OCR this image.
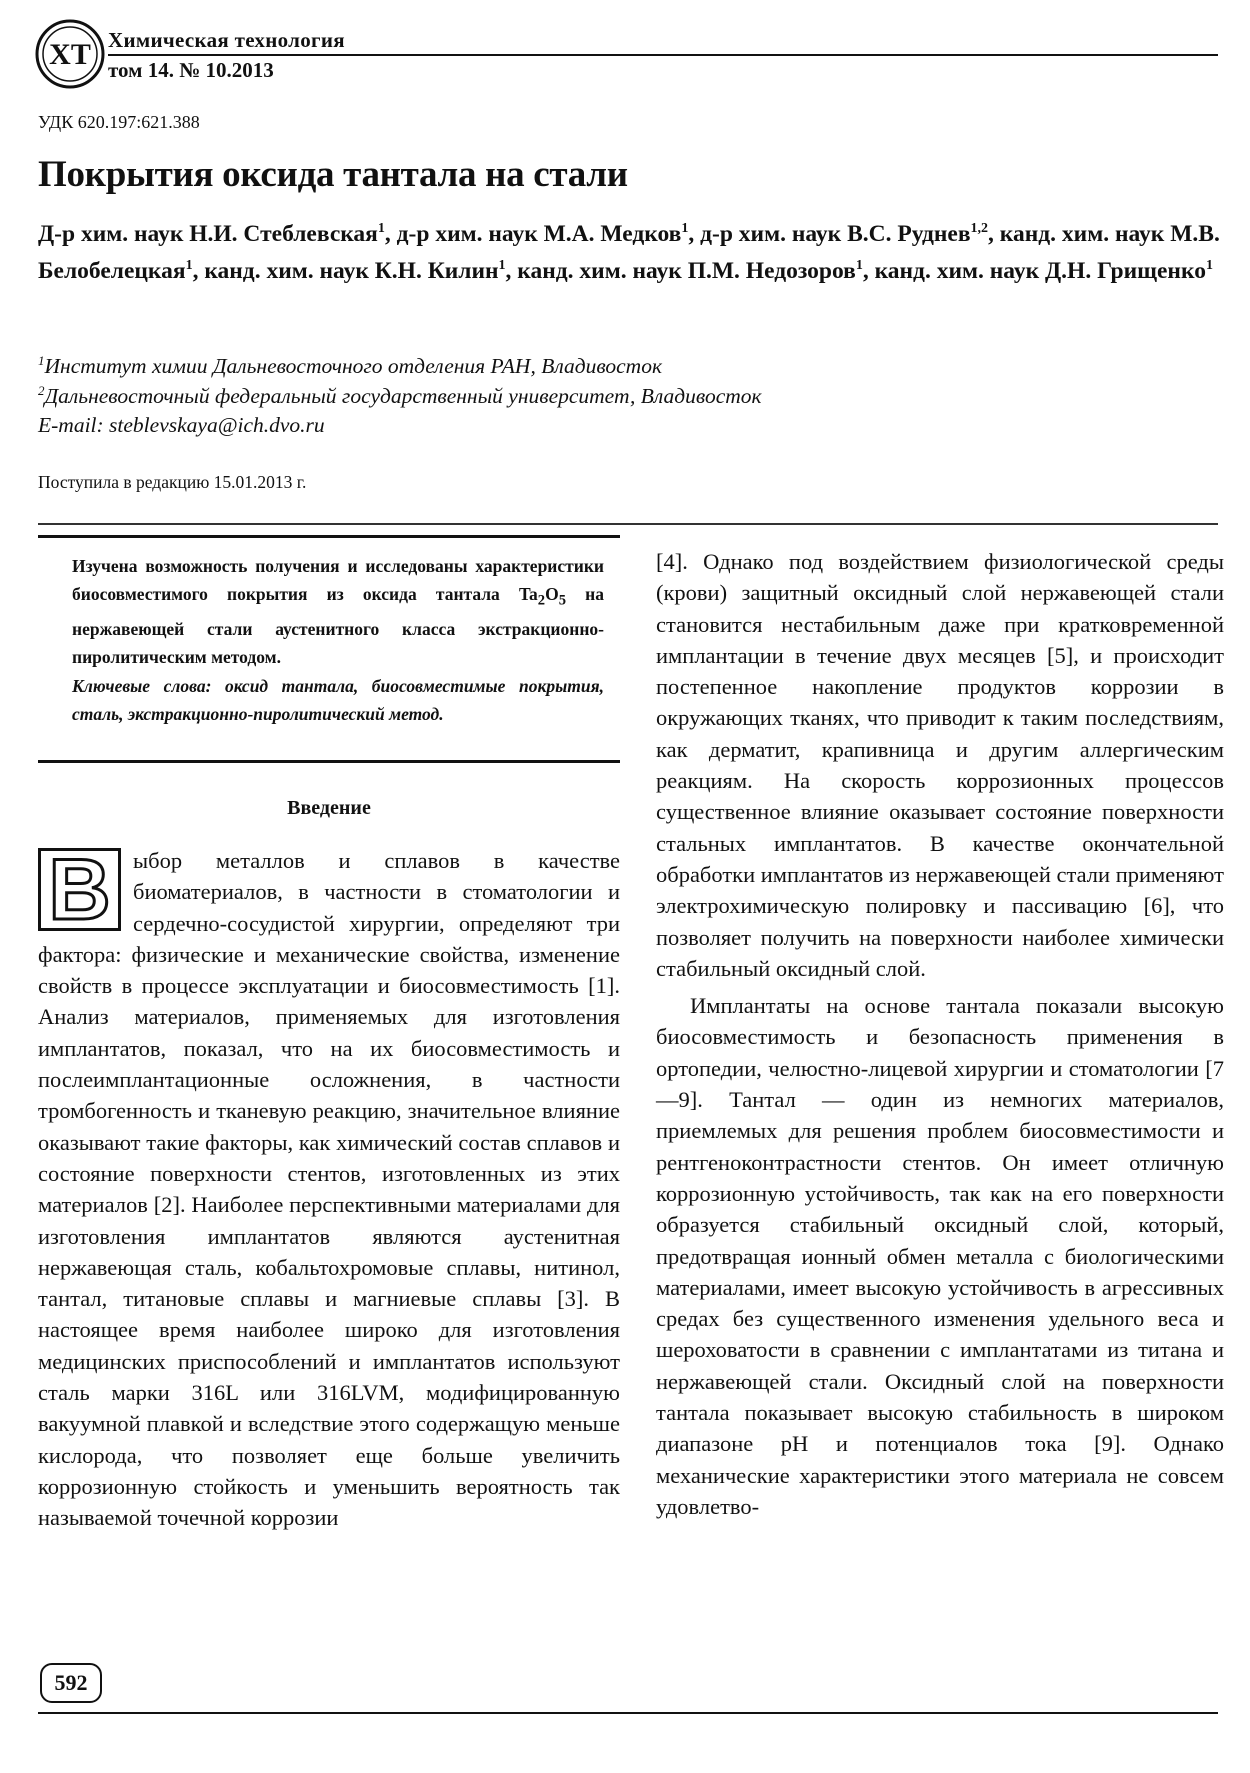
ХТ Химическая технология
том 14. № 10.2013
УДК 620.197:621.388
Покрытия оксида тантала на стали
Д-р хим. наук Н.И. Стеблевская$^1$, д-р хим. наук М.А. Медков$^1$, д-р хим. наук В.С. Руднев$^{1,2}$, канд. хим. наук М.В. Белобелецкая$^1$, канд. хим. наук К.Н. Килин$^1$, канд. хим. наук П.М. Недозоров$^1$, канд. хим. наук Д.Н. Грищенко$^1$
$^1$Институт химии Дальневосточного отделения РАН, Владивосток
$^2$Дальневосточный федеральный государственный университет, Владивосток
E-mail: steblevskaya@ich.dvo.ru
Поступила в редакцию 15.01.2013 г.
Изучена возможность получения и исследованы характеристики биосовместимого покрытия из оксида тантала $Ta_2O_5$ на нержавеющей стали аустенитного класса экстракционно-пиролитическим методом.
Ключевые слова: оксид тантала, биосовместимые покрытия, сталь, экстракционно-пиролитический метод.
Введение
В ыбор металлов и сплавов в качестве биоматериалов, в частности в стоматологии и сердечно-сосудистой хирургии, определяют три фактора: физические и механические свойства, изменение свойств в процессе эксплуатации и биосовместимость [1]. Анализ материалов, применяемых для изготовления имплантатов, показал, что на их биосовместимость и послеимплантационные осложнения, в частности тромбогенность и тканевую реакцию, значительное влияние оказывают такие факторы, как химический состав сплавов и состояние поверхности стентов, изготовленных из этих материалов [2]. Наиболее перспективными материалами для изготовления имплантатов являются аустенитная нержавеющая сталь, кобальтохромовые сплавы, нитинол, тантал, титановые сплавы и магниевые сплавы [3]. В настоящее время наиболее широко для изготовления медицинских приспособлений и имплантатов используют сталь марки 316L или 316LVM, модифицированную вакуумной плавкой и вследствие этого содержащую меньше кислорода, что позволяет еще больше увеличить коррозионную стойкость и уменьшить вероятность так называемой точечной коррозии

[4]. Однако под воздействием физиологической среды (крови) защитный оксидный слой нержавеющей стали становится нестабильным даже при кратковременной имплантации в течение двух месяцев [5], и происходит постепенное накопление продуктов коррозии в окружающих тканях, что приводит к таким последствиям, как дерматит, крапивница и другим аллергическим реакциям. На скорость коррозионных процессов существенное влияние оказывает состояние поверхности стальных имплантатов. В качестве окончательной обработки имплантатов из нержавеющей стали применяют электрохимическую полировку и пассивацию [6], что позволяет получить на поверхности наиболее химически стабильный оксидный слой.

Имплантаты на основе тантала показали высокую биосовместимость и безопасность применения в ортопедии, челюстно-лицевой хирургии и стоматологии [7—9]. Тантал — один из немногих материалов, приемлемых для решения проблем биосовместимости и рентгеноконтрастности стентов. Он имеет отличную коррозионную устойчивость, так как на его поверхности образуется стабильный оксидный слой, который, предотвращая ионный обмен металла с биологическими материалами, имеет высокую устойчивость в агрессивных средах без существенного изменения удельного веса и шероховатости в сравнении с имплантатами из титана и нержавеющей стали. Оксидный слой на поверхности тантала показывает высокую стабильность в широком диапазоне pH и потенциалов тока [9]. Однако механические характеристики этого материала не совсем удовлетво-

592
